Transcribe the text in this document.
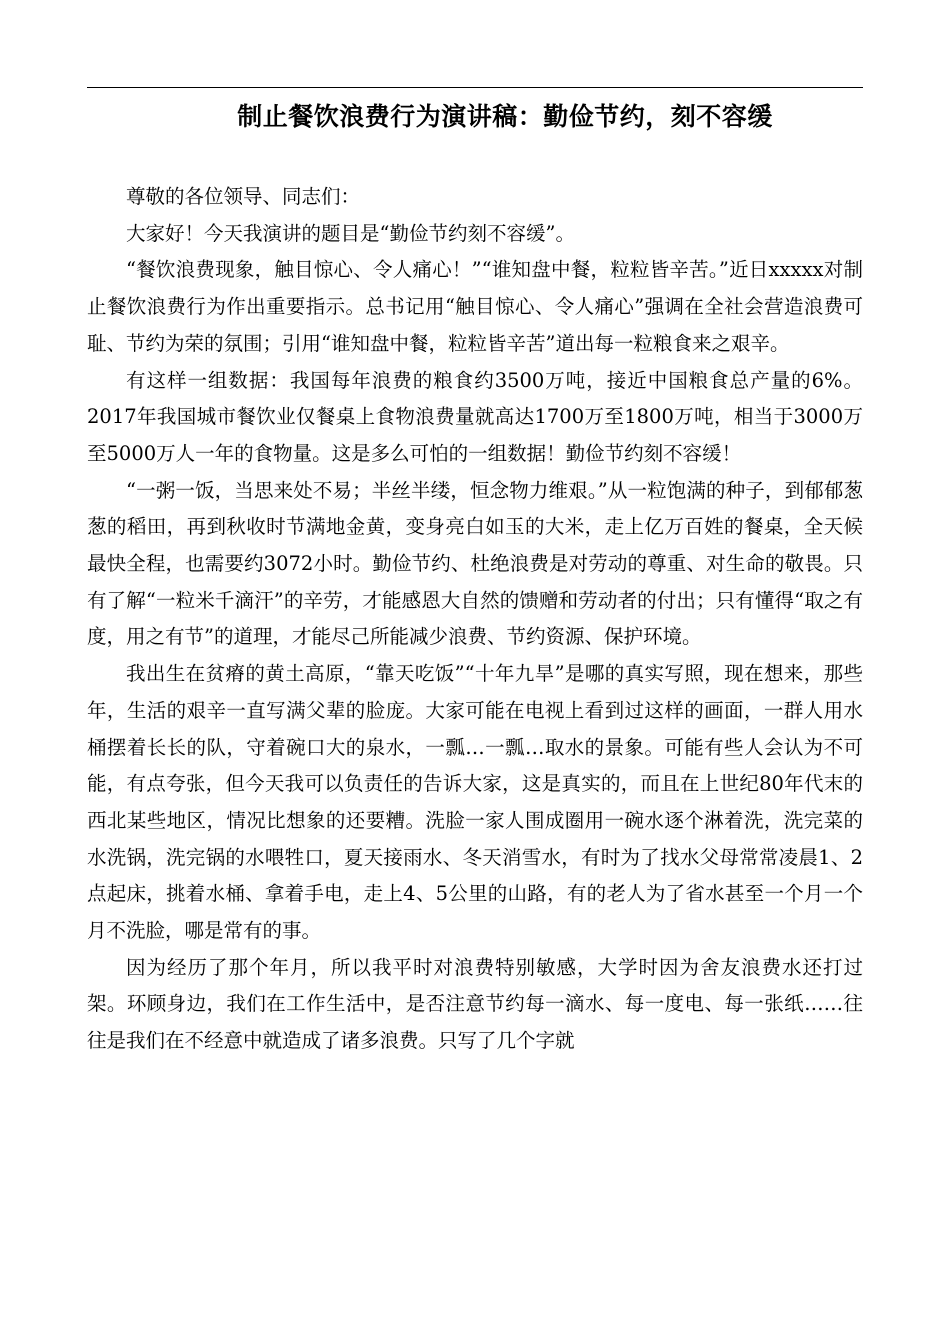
制止餐饮浪费行为演讲稿：勤俭节约，刻不容缓

尊敬的各位领导、同志们：

大家好！今天我演讲的题目是“勤俭节约刻不容缓”。

“餐饮浪费现象，触目惊心、令人痛心！”“谁知盘中餐，粒粒皆辛苦。”近日xxxxx对制止餐饮浪费行为作出重要指示。总书记用“触目惊心、令人痛心”强调在全社会营造浪费可耻、节约为荣的氛围；引用“谁知盘中餐，粒粒皆辛苦”道出每一粒粮食来之艰辛。

有这样一组数据：我国每年浪费的粮食约3500万吨，接近中国粮食总产量的6%。2017年我国城市餐饮业仅餐桌上食物浪费量就高达1700万至1800万吨，相当于3000万至5000万人一年的食物量。这是多么可怕的一组数据！勤俭节约刻不容缓！

“一粥一饭，当思来处不易；半丝半缕，恒念物力维艰。”从一粒饱满的种子，到郁郁葱葱的稻田，再到秋收时节满地金黄，变身亮白如玉的大米，走上亿万百姓的餐桌，全天候最快全程，也需要约3072小时。勤俭节约、杜绝浪费是对劳动的尊重、对生命的敬畏。只有了解“一粒米千滴汗”的辛劳，才能感恩大自然的馈赠和劳动者的付出；只有懂得“取之有度，用之有节”的道理，才能尽己所能减少浪费、节约资源、保护环境。

我出生在贫瘠的黄土高原，“靠天吃饭”“十年九旱”是哪的真实写照，现在想来，那些年，生活的艰辛一直写满父辈的脸庞。大家可能在电视上看到过这样的画面，一群人用水桶摆着长长的队，守着碗口大的泉水，一瓢…一瓢…取水的景象。可能有些人会认为不可能，有点夸张，但今天我可以负责任的告诉大家，这是真实的，而且在上世纪80年代末的西北某些地区，情况比想象的还要糟。洗脸一家人围成圈用一碗水逐个淋着洗，洗完菜的水洗锅，洗完锅的水喂牲口，夏天接雨水、冬天消雪水，有时为了找水父母常常凌晨1、2点起床，挑着水桶、拿着手电，走上4、5公里的山路，有的老人为了省水甚至一个月一个月不洗脸，哪是常有的事。

因为经历了那个年月，所以我平时对浪费特别敏感，大学时因为舍友浪费水还打过架。环顾身边，我们在工作生活中，是否注意节约每一滴水、每一度电、每一张纸……往往是我们在不经意中就造成了诸多浪费。只写了几个字就
